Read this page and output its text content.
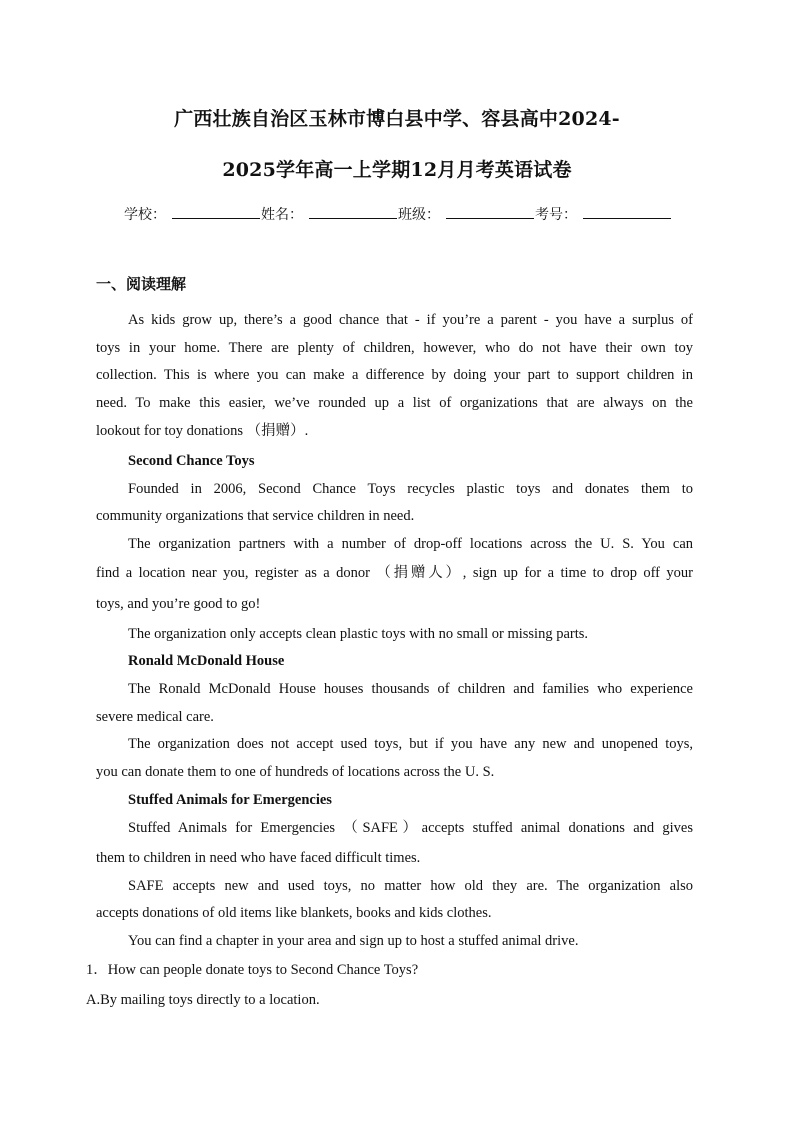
广西壮族自治区玉林市博白县中学、容县高中2024-
2025学年高一上学期12月月考英语试卷
学校：	姓名：	班级：	考号：
一、阅读理解
As kids grow up, there’s a good chance that - if you’re a parent - you have a surplus of
toys in your home. There are plenty of children, however, who do not have their own toy
collection. This is where you can make a difference by doing your part to support children in
need. To make this easier, we’ve rounded up a list of organizations that are always on the
lookout for toy donations （捐赠）.
Second Chance Toys
Founded in 2006, Second Chance Toys recycles plastic toys and donates them to
community organizations that service children in need.
The organization partners with a number of drop-off locations across the U. S. You can
find a location near you, register as a donor （捐赠人）, sign up for a time to drop off your
toys, and you’re good to go!
The organization only accepts clean plastic toys with no small or missing parts.
Ronald McDonald House
The Ronald McDonald House houses thousands of children and families who experience
severe medical care.
The organization does not accept used toys, but if you have any new and unopened toys,
you can donate them to one of hundreds of locations across the U. S.
Stuffed Animals for Emergencies
Stuffed Animals for Emergencies （SAFE）accepts stuffed animal donations and gives
them to children in need who have faced difficult times.
SAFE accepts new and used toys, no matter how old they are. The organization also
accepts donations of old items like blankets, books and kids clothes.
You can find a chapter in your area and sign up to host a stuffed animal drive.
1．How can people donate toys to Second Chance Toys?
A.By mailing toys directly to a location.
